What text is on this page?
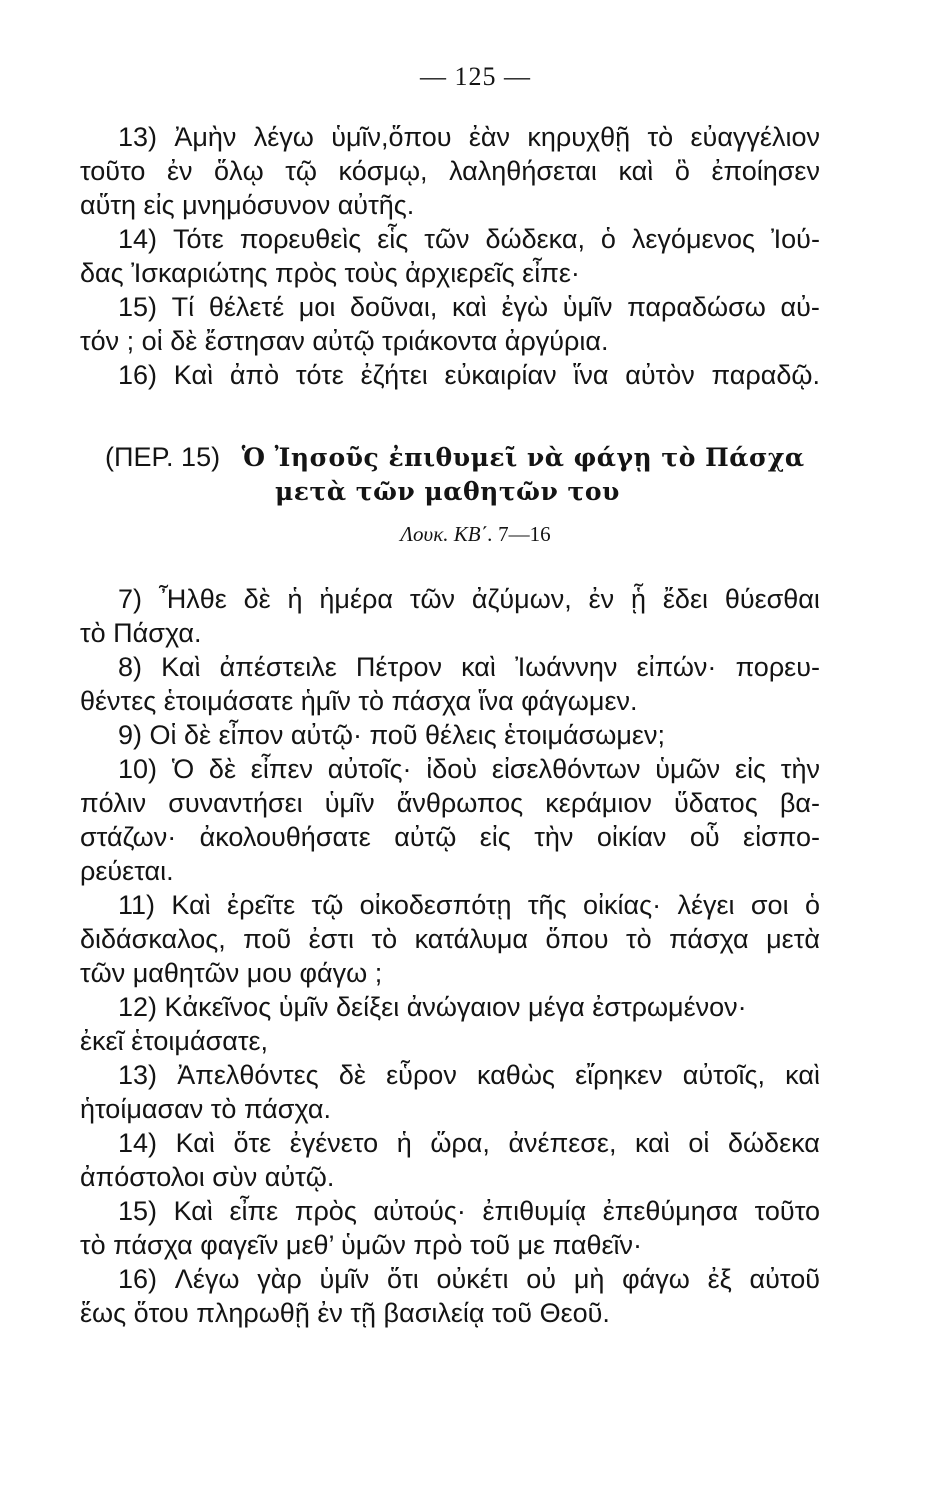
— 125 —
13) Ἀμὴν λέγω ὑμῖν,ὅπου ἐὰν κηρυχθῇ τὸ εὐαγγέλιον
τοῦτο ἐν ὅλῳ τῷ κόσμῳ, λαληθήσεται καὶ ὃ ἐποίησεν
αὕτη εἰς μνημόσυνον αὐτῆς.
14) Τότε πορευθεὶς εἷς τῶν δώδεκα, ὁ λεγόμενος Ἰού-
δας Ἰσκαριώτης πρὸς τοὺς ἀρχιερεῖς εἶπε·
15) Τί θέλετέ μοι δοῦναι, καὶ ἐγὼ ὑμῖν παραδώσω αὐ-
τόν ; οἱ δὲ ἔστησαν αὐτῷ τριάκοντα ἀργύρια.
16) Καὶ ἀπὸ τότε ἐζήτει εὐκαιρίαν ἵνα αὐτὸν παραδῷ.
(ΠΕΡ. 15) Ὁ Ἰησοῦς ἐπιθυμεῖ νὰ φάγῃ τὸ Πάσχα
μετὰ τῶν μαθητῶν του
Λουκ. ΚΒ΄. 7—16
7) Ἦλθε δὲ ἡ ἡμέρα τῶν ἀζύμων, ἐν ᾗ ἔδει θύεσθαι
τὸ Πάσχα.
8) Καὶ ἀπέστειλε Πέτρον καὶ Ἰωάννην εἰπών· πορευ-
θέντες ἑτοιμάσατε ἡμῖν τὸ πάσχα ἵνα φάγωμεν.
9) Οἱ δὲ εἶπον αὐτῷ· ποῦ θέλεις ἑτοιμάσωμεν;
10) Ὁ δὲ εἶπεν αὐτοῖς· ἰδοὺ εἰσελθόντων ὑμῶν εἰς τὴν
πόλιν συναντήσει ὑμῖν ἄνθρωπος κεράμιον ὕδατος βα-
στάζων· ἀκολουθήσατε αὐτῷ εἰς τὴν οἰκίαν οὗ εἰσπο-
ρεύεται.
11) Καὶ ἐρεῖτε τῷ οἰκοδεσπότῃ τῆς οἰκίας· λέγει σοι ὁ
διδάσκαλος, ποῦ ἐστι τὸ κατάλυμα ὅπου τὸ πάσχα μετὰ
τῶν μαθητῶν μου φάγω ;
12) Κἀκεῖνος ὑμῖν δείξει ἀνώγαιον μέγα ἐστρωμένον·
ἐκεῖ ἑτοιμάσατε,
13) Ἀπελθόντες δὲ εὗρον καθὼς εἴρηκεν αὐτοῖς, καὶ
ἡτοίμασαν τὸ πάσχα.
14) Καὶ ὅτε ἐγένετο ἡ ὥρα, ἀνέπεσε, καὶ οἱ δώδεκα
ἀπόστολοι σὺν αὐτῷ.
15) Καὶ εἶπε πρὸς αὐτούς· ἐπιθυμίᾳ ἐπεθύμησα τοῦτο
τὸ πάσχα φαγεῖν μεθ’ ὑμῶν πρὸ τοῦ με παθεῖν·
16) Λέγω γὰρ ὑμῖν ὅτι οὐκέτι οὐ μὴ φάγω ἐξ αὐτοῦ
ἕως ὅτου πληρωθῇ ἐν τῇ βασιλείᾳ τοῦ Θεοῦ.
